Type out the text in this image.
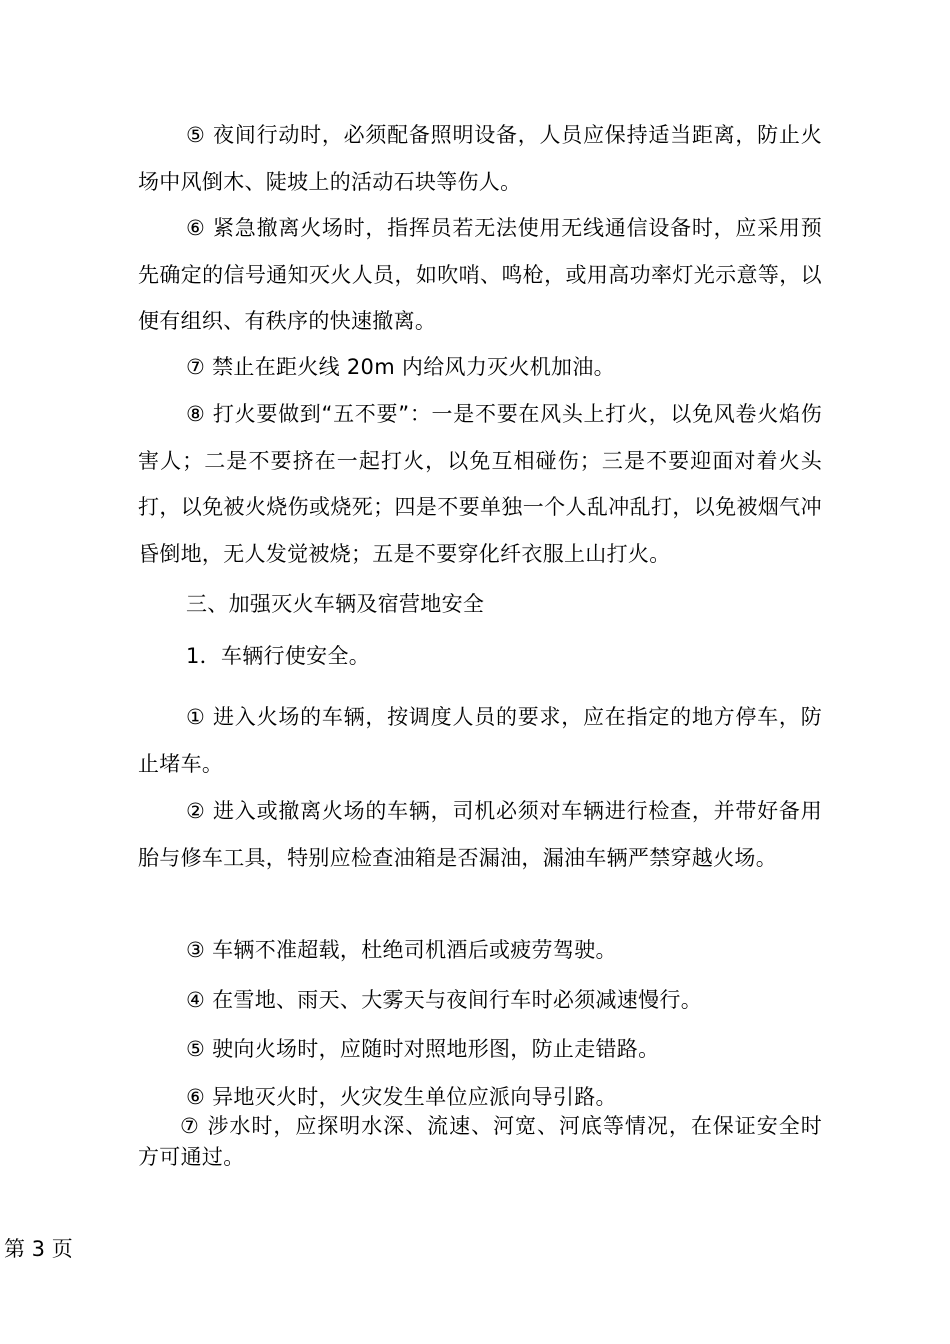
⑤ 夜间行动时，必须配备照明设备，人员应保持适当距离，防止火场中风倒木、陡坡上的活动石块等伤人。

⑥ 紧急撤离火场时，指挥员若无法使用无线通信设备时，应采用预先确定的信号通知灭火人员，如吹哨、鸣枪，或用高功率灯光示意等，以便有组织、有秩序的快速撤离。

⑦ 禁止在距火线 20m 内给风力灭火机加油。

⑧ 打火要做到“五不要”：一是不要在风头上打火，以免风卷火焰伤害人；二是不要挤在一起打火，以免互相碰伤；三是不要迎面对着火头打，以免被火烧伤或烧死；四是不要单独一个人乱冲乱打，以免被烟气冲昏倒地，无人发觉被烧；五是不要穿化纤衣服上山打火。

三、加强灭火车辆及宿营地安全

1．车辆行使安全。

① 进入火场的车辆，按调度人员的要求，应在指定的地方停车，防止堵车。

② 进入或撤离火场的车辆，司机必须对车辆进行检查，并带好备用胎与修车工具，特别应检查油箱是否漏油，漏油车辆严禁穿越火场。

③ 车辆不准超载，杜绝司机酒后或疲劳驾驶。

④ 在雪地、雨天、大雾天与夜间行车时必须减速慢行。

⑤ 驶向火场时，应随时对照地形图，防止走错路。

⑥ 异地灭火时，火灾发生单位应派向导引路。

⑦ 涉水时，应探明水深、流速、河宽、河底等情况，在保证安全时方可通过。

第 3 页
